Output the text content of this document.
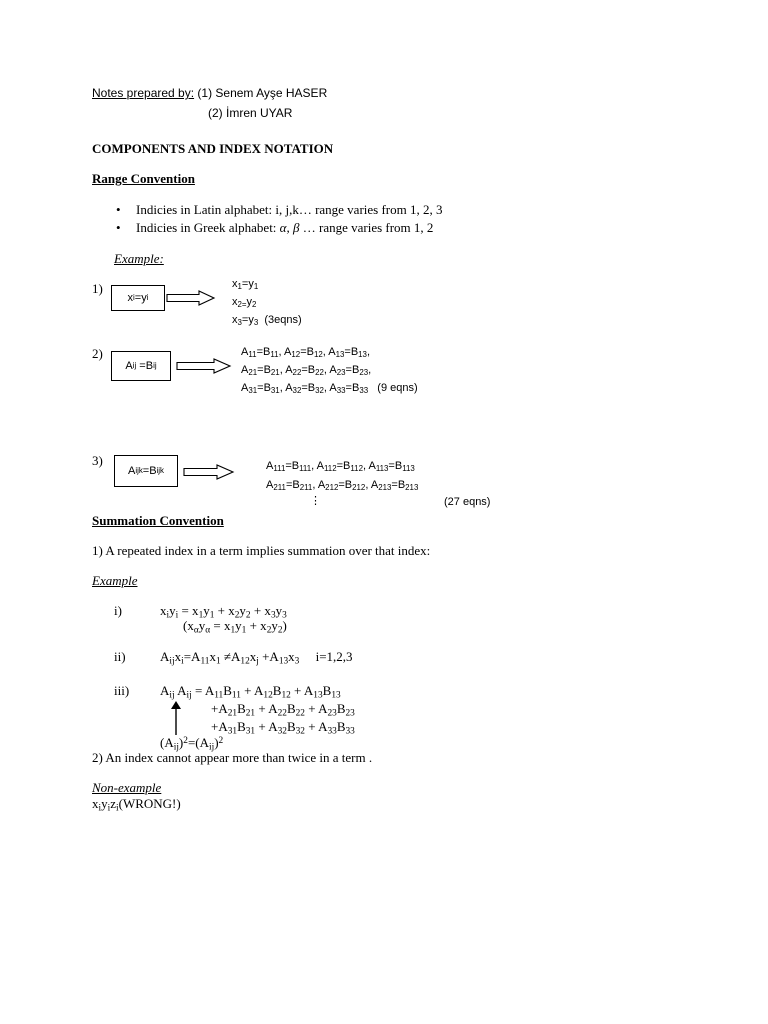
Notes prepared by: (1) Senem Ayşe HASER
(2) İmren UYAR
COMPONENTS AND INDEX NOTATION
Range Convention
• Indicies in Latin alphabet: i, j,k… range varies from 1, 2, 3
• Indicies in Greek alphabet: α, β … range varies from 1, 2
Example:
1)
x i =y i
$x_1=y_1$
$x_{2=}y_2$
$x_3=y_3$ (3eqns)
2)
A ij =B ij
$A_{11}=B_{11}$, $A_{12}=B_{12}$, $A_{13}=B_{13}$,
$A_{21}=B_{21}$, $A_{22}=B_{22}$, $A_{23}=B_{23}$,
$A_{31}=B_{31}$, $A_{32}=B_{32}$, $A_{33}=B_{33}$ (9 eqns)
3)
A ijk =B ijk	$A_{111}=B_{111}$, $A_{112}=B_{112}$, $A_{113}=B_{113}$
$A_{211}=B_{211}$, $A_{212}=B_{212}$, $A_{213}=B_{213}$
⋮	(27 eqns)
Summation Convention
1) A repeated index in a term implies summation over that index:
Example
i)	$x_iy_i = x_1y_1 + x_2y_2 + x_3y_3$
$(x_\alpha y_\alpha = x_1y_1 + x_2y_2)$
ii)	$A_{ij}x_i=A_{11}x_1 \ne A_{12}x_j +A_{13}x_3$ i=1,2,3
iii) $A_{ij}$ $A_{ij} = A_{11}B_{11} + A_{12}B_{12} + A_{13}B_{13}$
$+A_{21}B_{21} + A_{22}B_{22} + A_{23}B_{23}$
$+A_{31}B_{31} + A_{32}B_{32} + A_{33}B_{33}$
$(A_{ij})^2=(A_{ij})^2$
2) An index cannot appear more than twice in a term .
Non-example
$x_iy_iz_i(WRONG!)$
